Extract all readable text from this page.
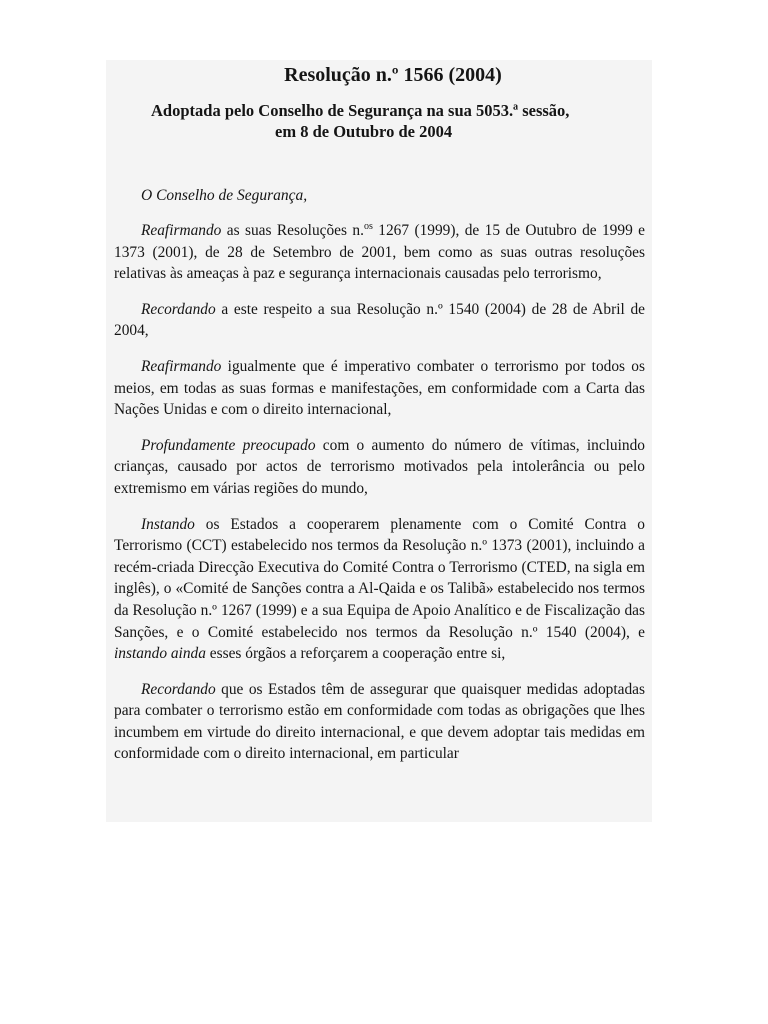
Resolução n.º 1566 (2004)
Adoptada pelo Conselho de Segurança na sua 5053.ª sessão,
em 8 de Outubro de 2004

O Conselho de Segurança,

Reafirmando as suas Resoluções n.$^{os}$ 1267 (1999), de 15 de Outubro de 1999 e 1373 (2001), de 28 de Setembro de 2001, bem como as suas outras resoluções relativas às ameaças à paz e segurança internacionais causadas pelo terrorismo,

Recordando a este respeito a sua Resolução n.º 1540 (2004) de 28 de Abril de 2004,

Reafirmando igualmente que é imperativo combater o terrorismo por todos os meios, em todas as suas formas e manifestações, em conformidade com a Carta das Nações Unidas e com o direito internacional,

Profundamente preocupado com o aumento do número de vítimas, incluindo crianças, causado por actos de terrorismo motivados pela intolerância ou pelo extremismo em várias regiões do mundo,

Instando os Estados a cooperarem plenamente com o Comité Contra o Terrorismo (CCT) estabelecido nos termos da Resolução n.º 1373 (2001), incluindo a recém-criada Direcção Executiva do Comité Contra o Terrorismo (CTED, na sigla em inglês), o «Comité de Sanções contra a Al-Qaida e os Talibã» estabelecido nos termos da Resolução n.º 1267 (1999) e a sua Equipa de Apoio Analítico e de Fiscalização das Sanções, e o Comité estabelecido nos termos da Resolução n.º 1540 (2004), e instando ainda esses órgãos a reforçarem a cooperação entre si,

Recordando que os Estados têm de assegurar que quaisquer medidas adoptadas para combater o terrorismo estão em conformidade com todas as obrigações que lhes incumbem em virtude do direito internacional, e que devem adoptar tais medidas em conformidade com o direito internacional, em particular
